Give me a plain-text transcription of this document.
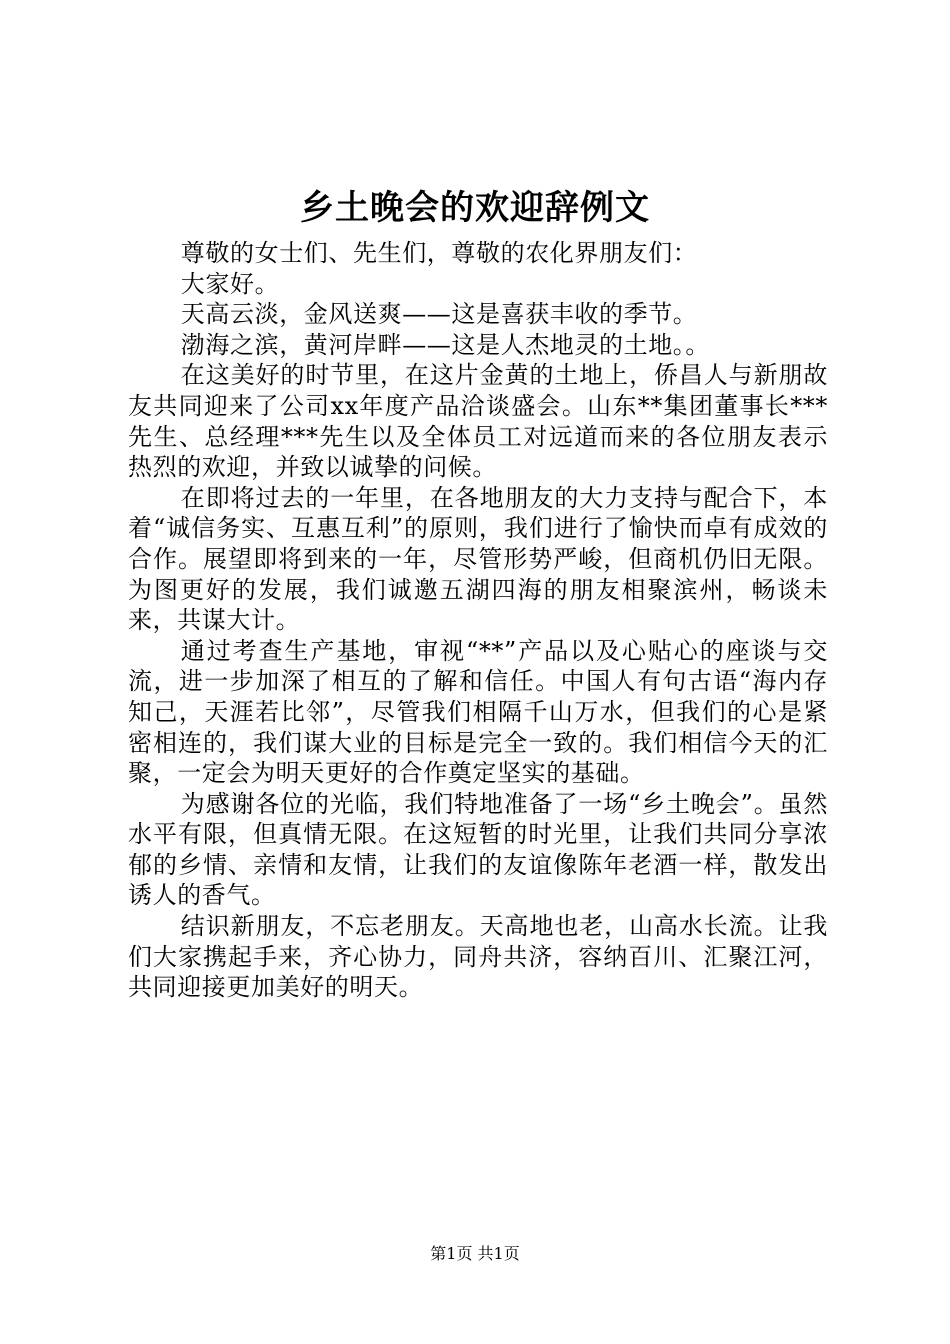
乡土晚会的欢迎辞例文

尊敬的女士们、先生们，尊敬的农化界朋友们：

大家好。

天高云淡，金风送爽——这是喜获丰收的季节。

渤海之滨，黄河岸畔——这是人杰地灵的土地。。

在这美好的时节里，在这片金黄的土地上，侨昌人与新朋故友共同迎来了公司xx年度产品洽谈盛会。山东**集团董事长***先生、总经理***先生以及全体员工对远道而来的各位朋友表示热烈的欢迎，并致以诚挚的问候。

在即将过去的一年里，在各地朋友的大力支持与配合下，本着“诚信务实、互惠互利”的原则，我们进行了愉快而卓有成效的合作。展望即将到来的一年，尽管形势严峻，但商机仍旧无限。为图更好的发展，我们诚邀五湖四海的朋友相聚滨州，畅谈未来，共谋大计。

通过考查生产基地，审视“**”产品以及心贴心的座谈与交流，进一步加深了相互的了解和信任。中国人有句古语“海内存知己，天涯若比邻”，尽管我们相隔千山万水，但我们的心是紧密相连的，我们谋大业的目标是完全一致的。我们相信今天的汇聚，一定会为明天更好的合作奠定坚实的基础。

为感谢各位的光临，我们特地准备了一场“乡土晚会”。虽然水平有限，但真情无限。在这短暂的时光里，让我们共同分享浓郁的乡情、亲情和友情，让我们的友谊像陈年老酒一样，散发出诱人的香气。

结识新朋友，不忘老朋友。天高地也老，山高水长流。让我们大家携起手来，齐心协力，同舟共济，容纳百川、汇聚江河，共同迎接更加美好的明天。

第1页 共1页
